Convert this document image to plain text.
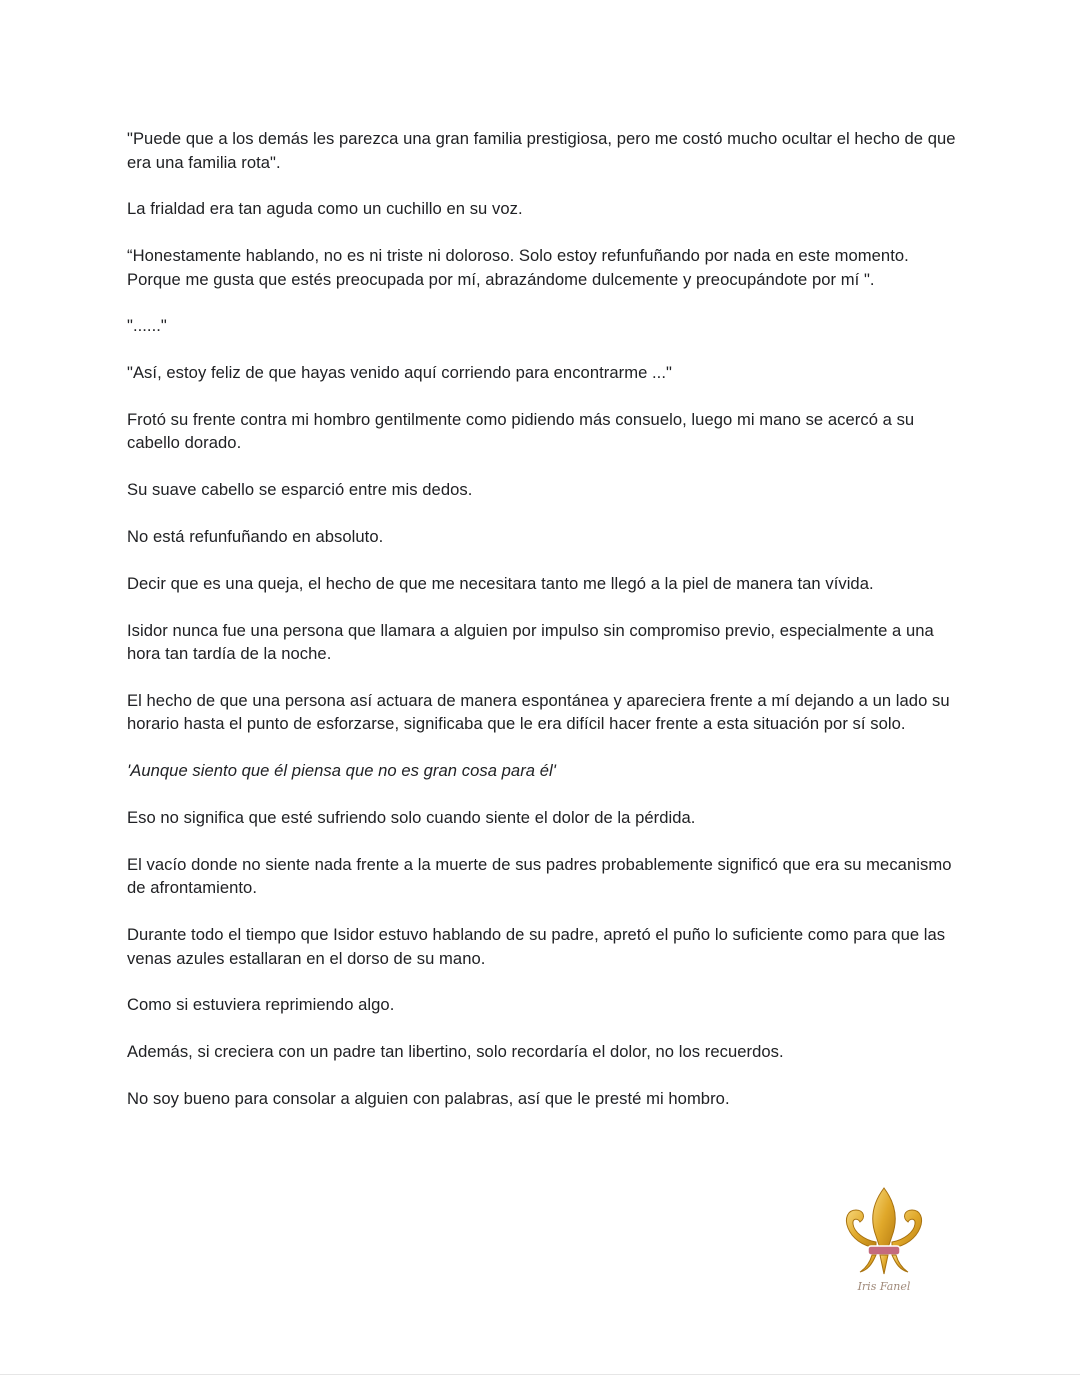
"Puede que a los demás les parezca una gran familia prestigiosa, pero me costó mucho ocultar el hecho de que era una familia rota".

La frialdad era tan aguda como un cuchillo en su voz.

“Honestamente hablando, no es ni triste ni doloroso. Solo estoy refunfuñando por nada en este momento. Porque me gusta que estés preocupada por mí, abrazándome dulcemente y preocupándote por mí ".

"......"

"Así, estoy feliz de que hayas venido aquí corriendo para encontrarme ..."

Frotó su frente contra mi hombro gentilmente como pidiendo más consuelo, luego mi mano se acercó a su cabello dorado.

Su suave cabello se esparció entre mis dedos.

No está refunfuñando en absoluto.

Decir que es una queja, el hecho de que me necesitara tanto me llegó a la piel de manera tan vívida.

Isidor nunca fue una persona que llamara a alguien por impulso sin compromiso previo, especialmente a una hora tan tardía de la noche.

El hecho de que una persona así actuara de manera espontánea y apareciera frente a mí dejando a un lado su horario hasta el punto de esforzarse, significaba que le era difícil hacer frente a esta situación por sí solo.

'Aunque siento que él piensa que no es gran cosa para él'

Eso no significa que esté sufriendo solo cuando siente el dolor de la pérdida.

El vacío donde no siente nada frente a la muerte de sus padres probablemente significó que era su mecanismo de afrontamiento.

Durante todo el tiempo que Isidor estuvo hablando de su padre, apretó el puño lo suficiente como para que las venas azules estallaran en el dorso de su mano.

Como si estuviera reprimiendo algo.

Además, si creciera con un padre tan libertino, solo recordaría el dolor, no los recuerdos.

No soy bueno para consolar a alguien con palabras, así que le presté mi hombro.

Iris Fanel
